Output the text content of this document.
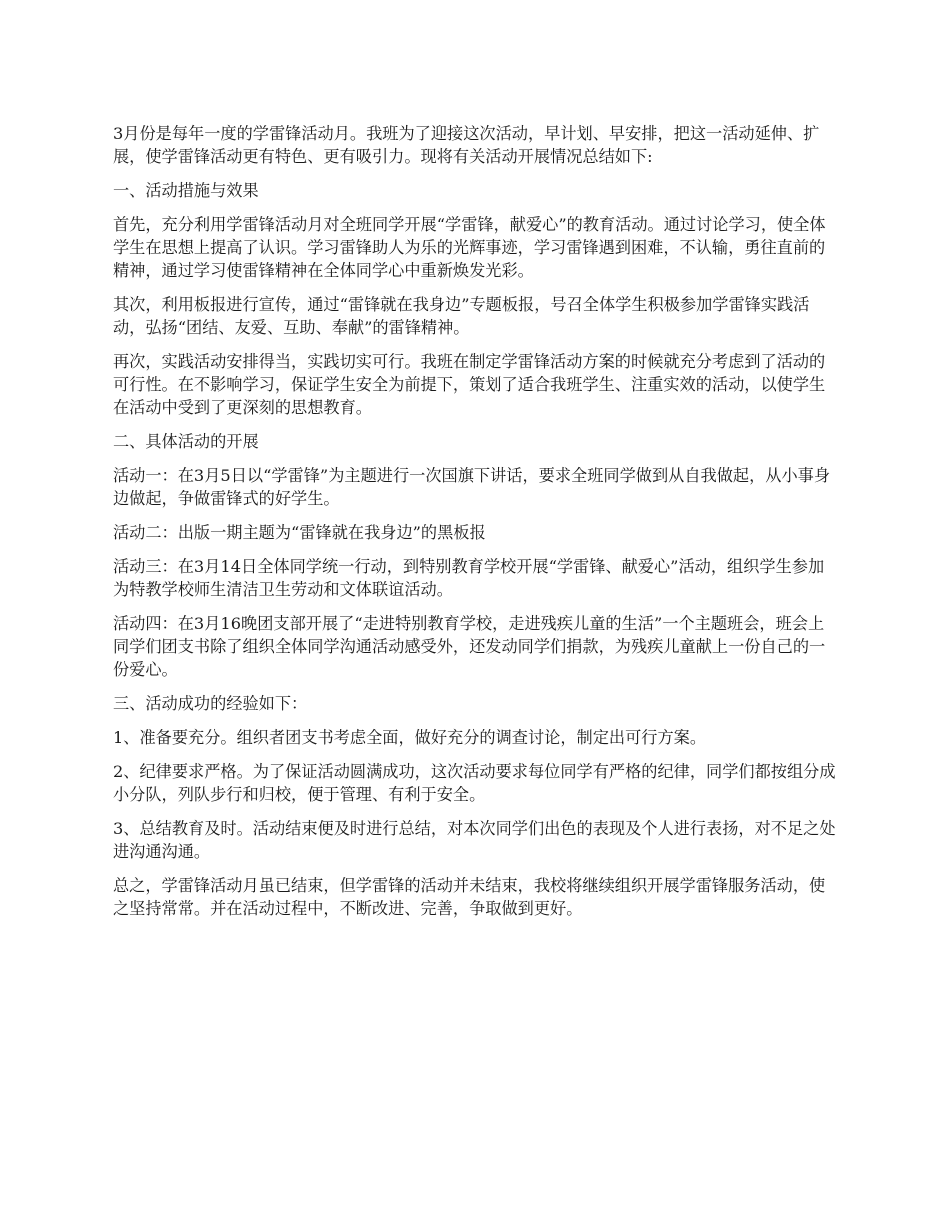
3月份是每年一度的学雷锋活动月。我班为了迎接这次活动，早计划、早安排，把这一活动延伸、扩展，使学雷锋活动更有特色、更有吸引力。现将有关活动开展情况总结如下:

一、活动措施与效果

首先，充分利用学雷锋活动月对全班同学开展“学雷锋，献爱心”的教育活动。通过讨论学习，使全体学生在思想上提高了认识。学习雷锋助人为乐的光辉事迹，学习雷锋遇到困难，不认输，勇往直前的精神，通过学习使雷锋精神在全体同学心中重新焕发光彩。

其次，利用板报进行宣传，通过“雷锋就在我身边”专题板报，号召全体学生积极参加学雷锋实践活动，弘扬“团结、友爱、互助、奉献”的雷锋精神。

再次，实践活动安排得当，实践切实可行。我班在制定学雷锋活动方案的时候就充分考虑到了活动的可行性。在不影响学习，保证学生安全为前提下，策划了适合我班学生、注重实效的活动，以使学生在活动中受到了更深刻的思想教育。

二、具体活动的开展

活动一：在3月5日以“学雷锋”为主题进行一次国旗下讲话，要求全班同学做到从自我做起，从小事身边做起，争做雷锋式的好学生。

活动二：出版一期主题为“雷锋就在我身边”的黑板报

活动三：在3月14日全体同学统一行动，到特别教育学校开展“学雷锋、献爱心”活动，组织学生参加为特教学校师生清洁卫生劳动和文体联谊活动。

活动四：在3月16晚团支部开展了“走进特别教育学校，走进残疾儿童的生活”一个主题班会，班会上同学们团支书除了组织全体同学沟通活动感受外，还发动同学们捐款，为残疾儿童献上一份自己的一份爱心。

三、活动成功的经验如下：

1、准备要充分。组织者团支书考虑全面，做好充分的调查讨论，制定出可行方案。

2、纪律要求严格。为了保证活动圆满成功，这次活动要求每位同学有严格的纪律，同学们都按组分成小分队，列队步行和归校，便于管理、有利于安全。

3、总结教育及时。活动结束便及时进行总结，对本次同学们出色的表现及个人进行表扬，对不足之处进沟通沟通。

总之，学雷锋活动月虽已结束，但学雷锋的活动并未结束，我校将继续组织开展学雷锋服务活动，使之坚持常常。并在活动过程中，不断改进、完善，争取做到更好。
